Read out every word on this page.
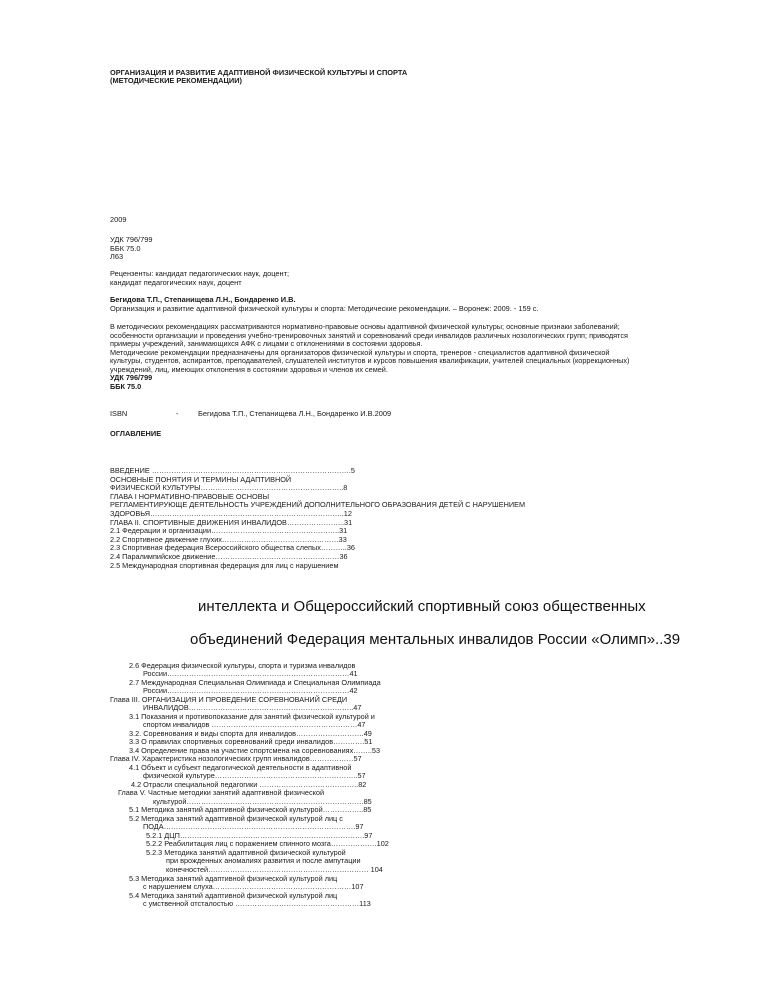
ОРГАНИЗАЦИЯ И РАЗВИТИЕ АДАПТИВНОЙ ФИЗИЧЕСКОЙ КУЛЬТУРЫ И СПОРТА
(МЕТОДИЧЕСКИЕ РЕКОМЕНДАЦИИ)
2009
УДК 796/799
ББК 75.0
Л63
Рецензенты: кандидат педагогических наук, доцент;
кандидат педагогических наук, доцент
Бегидова Т.П., Степанищева Л.Н., Бондаренко И.В.
Организация и развитие адаптивной физической культуры и спорта: Методические рекомендации. – Воронеж: 2009. - 159 с.
В методических рекомендациях рассматриваются нормативно-правовые основы адаптивной физической культуры; основные признаки заболеваний;
особенности организации и проведения учебно-тренировочных занятий и соревнований среди инвалидов различных нозологических групп; приводятся
примеры учреждений, занимающихся АФК с лицами с отклонениями в состоянии здоровья.
Методические рекомендации предназначены для организаторов физической культуры и спорта, тренеров - специалистов адаптивной физической
культуры, студентов, аспирантов, преподавателей, слушателей институтов и курсов повышения квалификации, учителей специальных (коррекционных)
учреждений, лиц, имеющих отклонения в состоянии здоровья и членов их семей.
УДК 796/799
ББК 75.0
ISBN	-	Бегидова Т.П., Степанищева Л.Н., Бондаренко И.В.2009
ОГЛАВЛЕНИЕ
ВВЕДЕНИЕ ……………………………………………………………………….5
ОСНОВНЫЕ ПОНЯТИЯ И ТЕРМИНЫ АДАПТИВНОЙ
ФИЗИЧЕСКОЙ КУЛЬТУРЫ…………………………………………………..8
ГЛАВА I НОРМАТИВНО-ПРАВОВЫЕ ОСНОВЫ
РЕГЛАМЕНТИРУЮЩЕ ДЕЯТЕЛЬНОСТЬ УЧРЕЖДЕНИЙ ДОПОЛНИТЕЛЬНОГО ОБРАЗОВАНИЯ ДЕТЕЙ С НАРУШЕНИЕМ
ЗДОРОВЬЯ……………………………………………………………………..12
ГЛАВА II. СПОРТИВНЫЕ ДВИЖЕНИЯ ИНВАЛИДОВ…………………...31
2.1 Федерации и организации……………………………………………..31
2.2 Спортивное движение глухих…………………………………………33
2.3 Спортивная федерация Всероссийского общества слепых………..36
2.4 Паралимпийское движение……………………………………………36
2.5 Международная спортивная федерация для лиц с нарушением
интеллекта и Общероссийский спортивный союз общественных
объединений Федерация ментальных инвалидов России «Олимп»..39
2.6 Федерация физической культуры, спорта и туризма инвалидов
России…………………………………………………………………41
2.7 Международная Специальная Олимпиада и Специальная Олимпиада
России…………………………………………………………………42
Глава III. ОРГАНИЗАЦИЯ И ПРОВЕДЕНИЕ СОРЕВНОВАНИЙ СРЕДИ
ИНВАЛИДОВ…………………………………………………………..47
3.1 Показания и противопоказание для занятий физической культурой и
спортом инвалидов ……………………………………………………47
3.2. Соревнования и виды спорта для инвалидов……………………….49
3.3 О правилах спортивных соревнований среди инвалидов………….51
3.4 Определение права на участие спортсмена на соревнованиях……..53
Глава IV. Характеристика нозологических групп инвалидов………………57
4.1 Объект и субъект педагогической деятельности в адаптивной
физической культуре…………………………………………………..57
4.2 Отрасли специальной педагогики …………………………………..82
Глава V. Частные методики занятий адаптивной физической
культурой……………………………………………………………….85
5.1 Методика занятий адаптивной физической культурой……………..85
5.2 Методика занятий адаптивной физической культурой лиц с
ПОДА…………………………………………………………………….97
5.2.1 ДЦП………………………………………………………………….97
5.2.2 Реабилитация лиц с поражением спинного мозга……………….102
5.2.3 Методика занятий адаптивной физической культурой
при врожденных аномалиях развития и после ампутации
конечностей………………………………………………………… 104
5.3 Методика занятий адаптивной физической культурой лиц
с нарушением слуха…………………………………………………107
5.4 Методика занятий адаптивной физической культурой лиц
с умственной отсталостью ……………………………………………113
